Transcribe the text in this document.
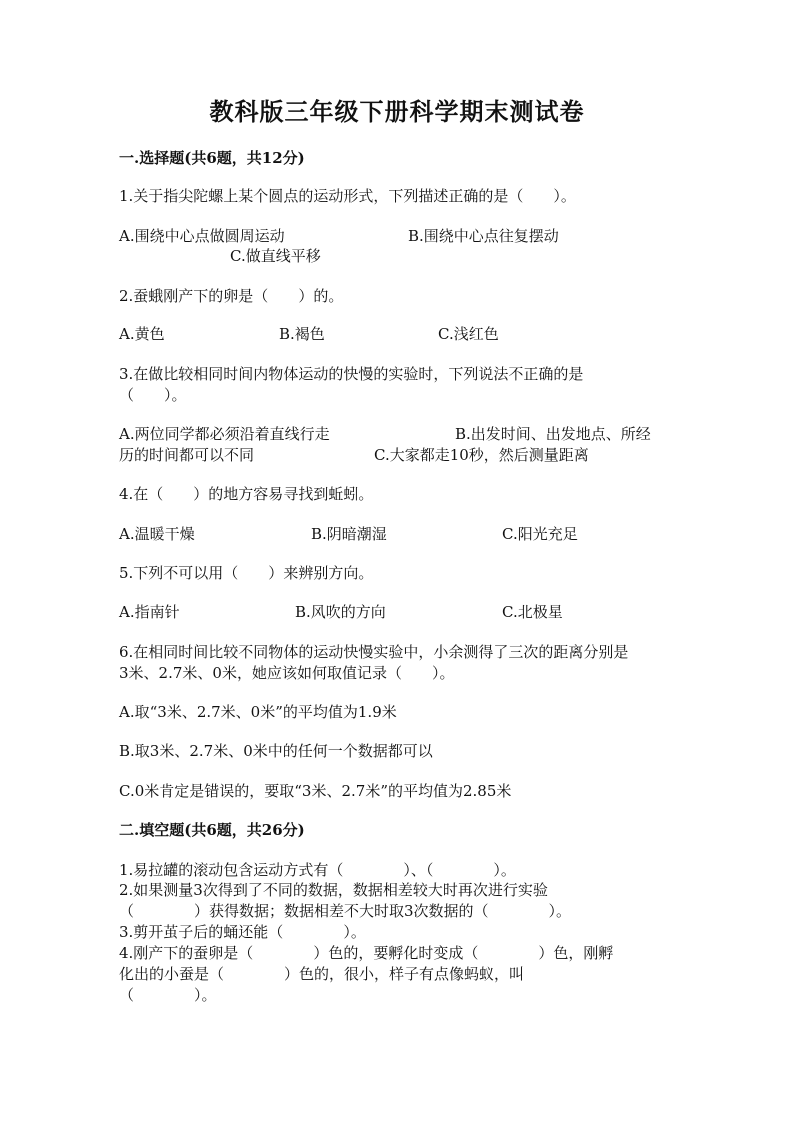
教科版三年级下册科学期末测试卷
一.选择题(共6题，共12分)
1.关于指尖陀螺上某个圆点的运动形式，下列描述正确的是（　　）。
A.围绕中心点做圆周运动	B.围绕中心点往复摆动
C.做直线平移
2.蚕蛾刚产下的卵是（　　）的。
A.黄色	B.褐色	C.浅红色
3.在做比较相同时间内物体运动的快慢的实验时，下列说法不正确的是
（　　）。
A.两位同学都必须沿着直线行走	B.出发时间、出发地点、所经
历的时间都可以不同	C.大家都走10秒，然后测量距离
4.在（　　）的地方容易寻找到蚯蚓。
A.温暖干燥	B.阴暗潮湿	C.阳光充足
5.下列不可以用（　　）来辨别方向。
A.指南针	B.风吹的方向	C.北极星
6.在相同时间比较不同物体的运动快慢实验中，小余测得了三次的距离分别是
3米、2.7米、0米，她应该如何取值记录（　　）。
A.取“3米、2.7米、0米”的平均值为1.9米
B.取3米、2.7米、0米中的任何一个数据都可以
C.0米肯定是错误的，要取“3米、2.7米”的平均值为2.85米
二.填空题(共6题，共26分)
1.易拉罐的滚动包含运动方式有（　　　　）、（　　　　）。
2.如果测量3次得到了不同的数据，数据相差较大时再次进行实验
（　　　　）获得数据；数据相差不大时取3次数据的（　　　　）。
3.剪开茧子后的蛹还能（　　　　）。
4.刚产下的蚕卵是（　　　　）色的，要孵化时变成（　　　　）色，刚孵
化出的小蚕是（　　　　）色的，很小，样子有点像蚂蚁，叫
（　　　　）。
